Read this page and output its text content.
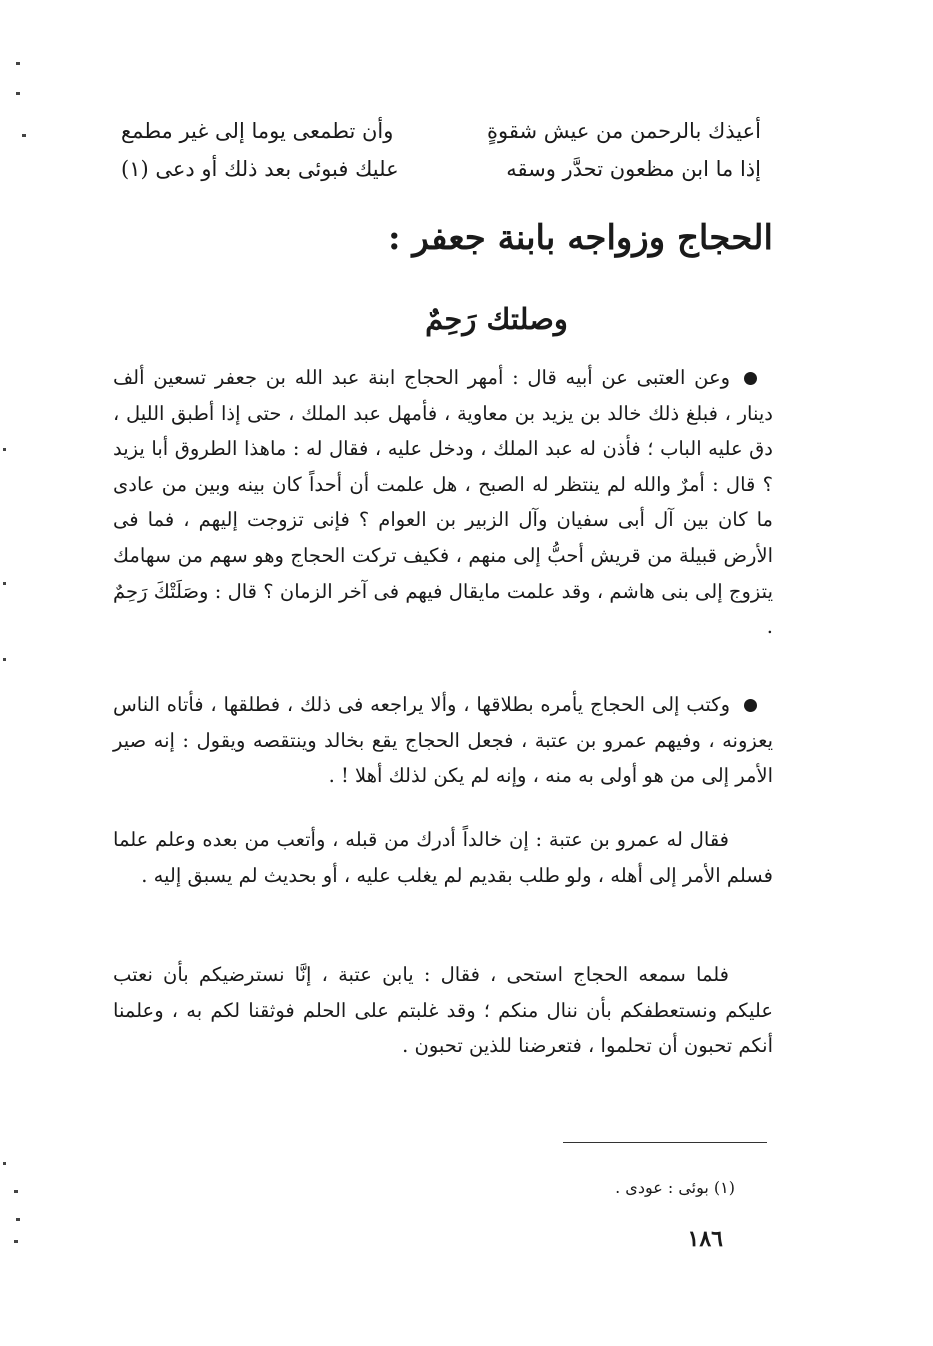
أعيذك بالرحمن من عيش شقوةٍ
وأن تطمعى يوما إلى غير مطمع
إذا ما ابن مظعون تحدَّر وسقه
عليك فبوئى بعد ذلك أو دعى (١)
الحجاج وزواجه بابنة جعفر :
وصلتك رَحِمٌ
وعن العتبى عن أبيه قال : أمهر الحجاج ابنة عبد الله بن جعفر تسعين ألف دينار ، فبلغ ذلك خالد بن يزيد بن معاوية ، فأمهل عبد الملك ، حتى إذا أطبق الليل ، دق عليه الباب ؛ فأذن له عبد الملك ، ودخل عليه ، فقال له : ماهذا الطروق أبا يزيد ؟ قال : أمرٌ والله لم ينتظر له الصبح ، هل علمت أن أحداً كان بينه وبين من عادى ما كان بين آل أبى سفيان وآل الزبير بن العوام ؟ فإنى تزوجت إليهم ، فما فى الأرض قبيلة من قريش أحبُّ إلى منهم ، فكيف تركت الحجاج وهو سهم من سهامك يتزوج إلى بنى هاشم ، وقد علمت مايقال فيهم فى آخر الزمان ؟ قال : وصَلَتْكَ رَحِمٌ .
وكتب إلى الحجاج يأمره بطلاقها ، وألا يراجعه فى ذلك ، فطلقها ، فأتاه الناس يعزونه ، وفيهم عمرو بن عتبة ، فجعل الحجاج يقع بخالد وينتقصه ويقول : إنه صير الأمر إلى من هو أولى به منه ، وإنه لم يكن لذلك أهلا ! .
فقال له عمرو بن عتبة : إن خالداً أدرك من قبله ، وأتعب من بعده وعلم علما فسلم الأمر إلى أهله ، ولو طلب بقديم لم يغلب عليه ، أو بحديث لم يسبق إليه .
فلما سمعه الحجاج استحى ، فقال : يابن عتبة ، إنَّا نسترضيكم بأن نعتب عليكم ونستعطفكم بأن ننال منكم ؛ وقد غلبتم على الحلم فوثقنا لكم به ، وعلمنا أنكم تحبون أن تحلموا ، فتعرضنا للذين تحبون .
(١) بوئى : عودى .
١٨٦
